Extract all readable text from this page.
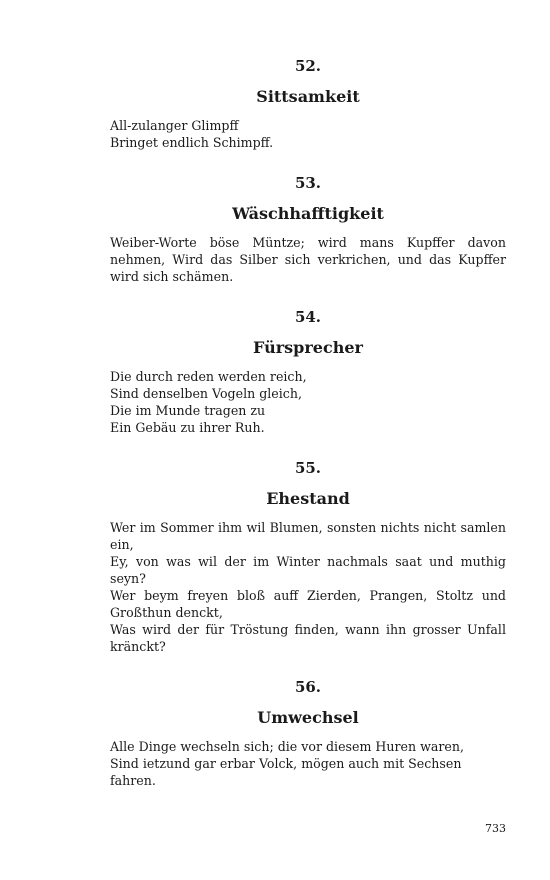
52.
Sittsamkeit
All-zulanger Glimpff
Bringet endlich Schimpff.
53.
Wäschhafftigkeit
Weiber-Worte böse Müntze; wird mans Kupffer davon nehmen, Wird das Silber sich verkrichen, und das Kupffer wird sich schämen.
54.
Fürsprecher
Die durch reden werden reich,
Sind denselben Vogeln gleich,
Die im Munde tragen zu
Ein Gebäu zu ihrer Ruh.
55.
Ehestand
Wer im Sommer ihm wil Blumen, sonsten nichts nicht samlen ein,
Ey, von was wil der im Winter nachmals saat und muthig seyn?
Wer beym freyen bloß auff Zierden, Prangen, Stoltz und Großthun denckt,
Was wird der für Tröstung finden, wann ihn grosser Unfall kränckt?
56.
Umwechsel
Alle Dinge wechseln sich; die vor diesem Huren waren,
Sind ietzund gar erbar Volck, mögen auch mit Sechsen fahren.
733
